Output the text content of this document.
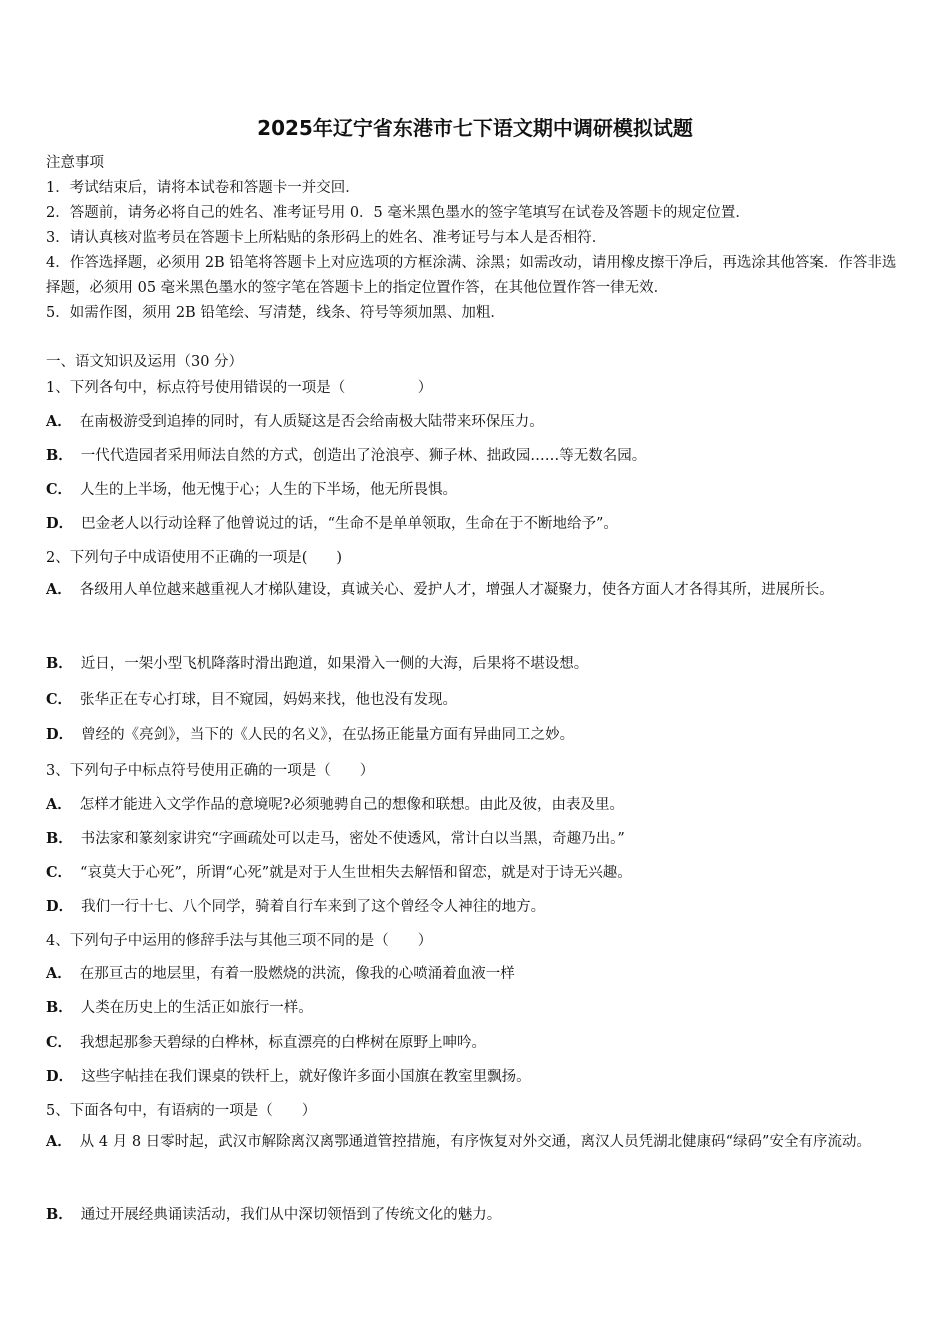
2025年辽宁省东港市七下语文期中调研模拟试题
注意事项
1．考试结束后，请将本试卷和答题卡一并交回．
2．答题前，请务必将自己的姓名、准考证号用 0．5 毫米黑色墨水的签字笔填写在试卷及答题卡的规定位置．
3．请认真核对监考员在答题卡上所粘贴的条形码上的姓名、准考证号与本人是否相符．
4．作答选择题，必须用 2B 铅笔将答题卡上对应选项的方框涂满、涂黑；如需改动，请用橡皮擦干净后，再选涂其他答案．作答非选择题，必须用 05 毫米黑色墨水的签字笔在答题卡上的指定位置作答，在其他位置作答一律无效．
5．如需作图，须用 2B 铅笔绘、写清楚，线条、符号等须加黑、加粗．
一、语文知识及运用（30 分）
1、下列各句中，标点符号使用错误的一项是（　　　　　）
A． 在南极游受到追捧的同时，有人质疑这是否会给南极大陆带来环保压力。
B． 一代代造园者采用师法自然的方式，创造出了沧浪亭、狮子林、拙政园……等无数名园。
C． 人生的上半场，他无愧于心；人生的下半场，他无所畏惧。
D． 巴金老人以行动诠释了他曾说过的话，“生命不是单单领取，生命在于不断地给予”。
2、下列句子中成语使用不正确的一项是(　　)
A． 各级用人单位越来越重视人才梯队建设，真诚关心、爱护人才，增强人才凝聚力，使各方面人才各得其所，进展所长。
B． 近日，一架小型飞机降落时滑出跑道，如果滑入一侧的大海，后果将不堪设想。
C． 张华正在专心打球，目不窥园，妈妈来找，他也没有发现。
D． 曾经的《亮剑》，当下的《人民的名义》，在弘扬正能量方面有异曲同工之妙。
3、下列句子中标点符号使用正确的一项是（　　）
A． 怎样才能进入文学作品的意境呢?必须驰骋自己的想像和联想。由此及彼，由表及里。
B． 书法家和篆刻家讲究“字画疏处可以走马，密处不使透风，常计白以当黑，奇趣乃出。”
C． “哀莫大于心死”，所谓“心死”就是对于人生世相失去解悟和留恋，就是对于诗无兴趣。
D． 我们一行十七、八个同学，骑着自行车来到了这个曾经令人神往的地方。
4、下列句子中运用的修辞手法与其他三项不同的是（　　）
A． 在那亘古的地层里，有着一股燃烧的洪流，像我的心喷涌着血液一样
B． 人类在历史上的生活正如旅行一样。
C． 我想起那参天碧绿的白桦林，标直漂亮的白桦树在原野上呻吟。
D． 这些字帖挂在我们课桌的铁杆上，就好像许多面小国旗在教室里飘扬。
5、下面各句中，有语病的一项是（　　）
A． 从 4 月 8 日零时起，武汉市解除离汉离鄂通道管控措施，有序恢复对外交通，离汉人员凭湖北健康码“绿码”安全有序流动。
B． 通过开展经典诵读活动，我们从中深切领悟到了传统文化的魅力。
